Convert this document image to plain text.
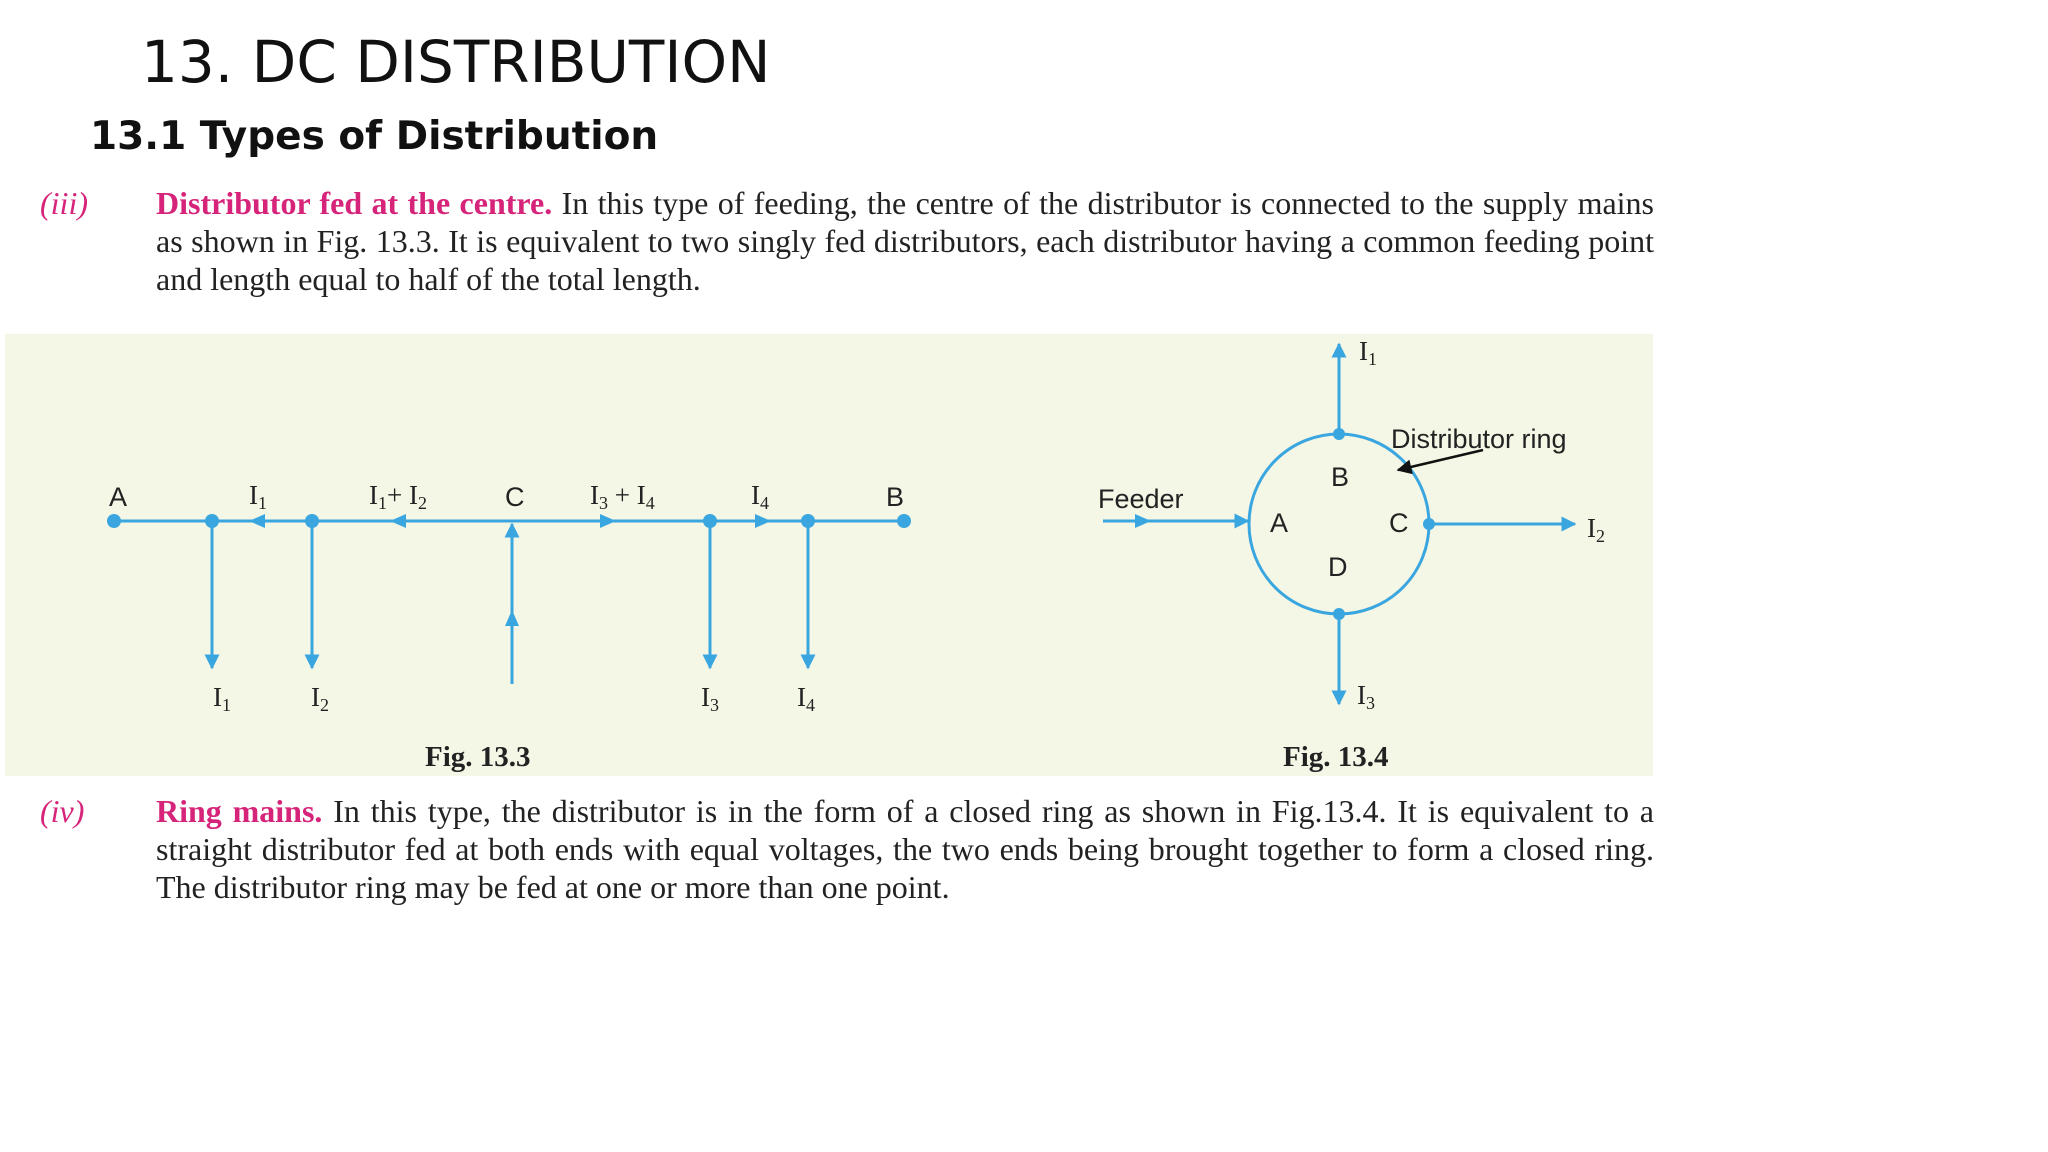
13. DC DISTRIBUTION
13.1 Types of Distribution
(iii) Distributor fed at the centre. In this type of feeding, the centre of the distributor is connected to the supply mains as shown in Fig. 13.3. It is equivalent to two singly fed distributors, each distributor having a common feeding point and length equal to half of the total length.
A	C	B
I1	I1+ I2	I3 + I4	I4
I1	I2	I3	I4
Fig. 13.3
Feeder
Distributor ring
A
B
C
D
I1
I2
I3
Fig. 13.4
(iv) Ring mains. In this type, the distributor is in the form of a closed ring as shown in Fig.13.4. It is equivalent to a straight distributor fed at both ends with equal voltages, the two ends being brought together to form a closed ring. The distributor ring may be fed at one or more than one point.
